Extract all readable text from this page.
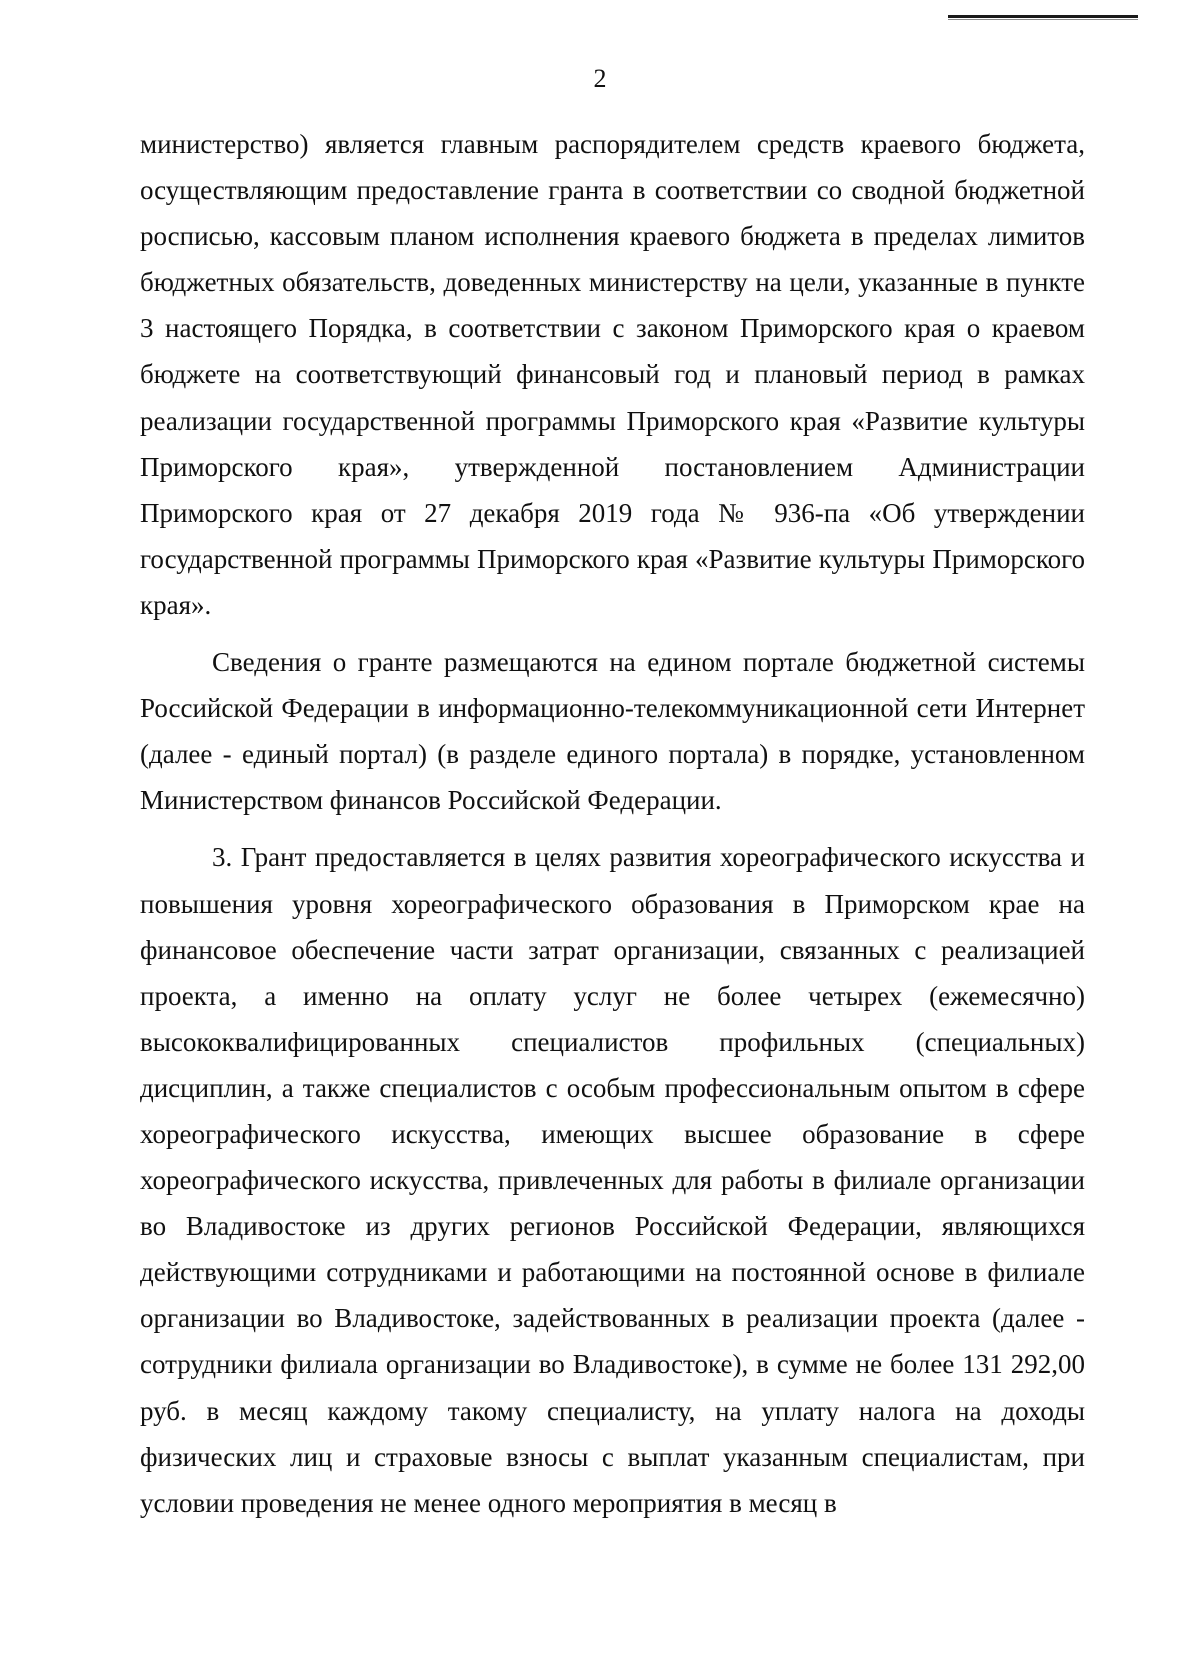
2

министерство) является главным распорядителем средств краевого бюджета, осуществляющим предоставление гранта в соответствии со сводной бюджетной росписью, кассовым планом исполнения краевого бюджета в пределах лимитов бюджетных обязательств, доведенных министерству на цели, указанные в пункте 3 настоящего Порядка, в соответствии с законом Приморского края о краевом бюджете на соответствующий финансовый год и плановый период в рамках реализации государственной программы Приморского края «Развитие культуры Приморского края», утвержденной постановлением Администрации Приморского края от 27 декабря 2019 года № 936-па «Об утверждении государственной программы Приморского края «Развитие культуры Приморского края».

Сведения о гранте размещаются на едином портале бюджетной системы Российской Федерации в информационно-телекоммуникационной сети Интернет (далее - единый портал) (в разделе единого портала) в порядке, установленном Министерством финансов Российской Федерации.

3. Грант предоставляется в целях развития хореографического искусства и повышения уровня хореографического образования в Приморском крае на финансовое обеспечение части затрат организации, связанных с реализацией проекта, а именно на оплату услуг не более четырех (ежемесячно) высококвалифицированных специалистов профильных (специальных) дисциплин, а также специалистов с особым профессиональным опытом в сфере хореографического искусства, имеющих высшее образование в сфере хореографического искусства, привлеченных для работы в филиале организации во Владивостоке из других регионов Российской Федерации, являющихся действующими сотрудниками и работающими на постоянной основе в филиале организации во Владивостоке, задействованных в реализации проекта (далее - сотрудники филиала организации во Владивостоке), в сумме не более 131 292,00 руб. в месяц каждому такому специалисту, на уплату налога на доходы физических лиц и страховые взносы с выплат указанным специалистам, при условии проведения не менее одного мероприятия в месяц в
